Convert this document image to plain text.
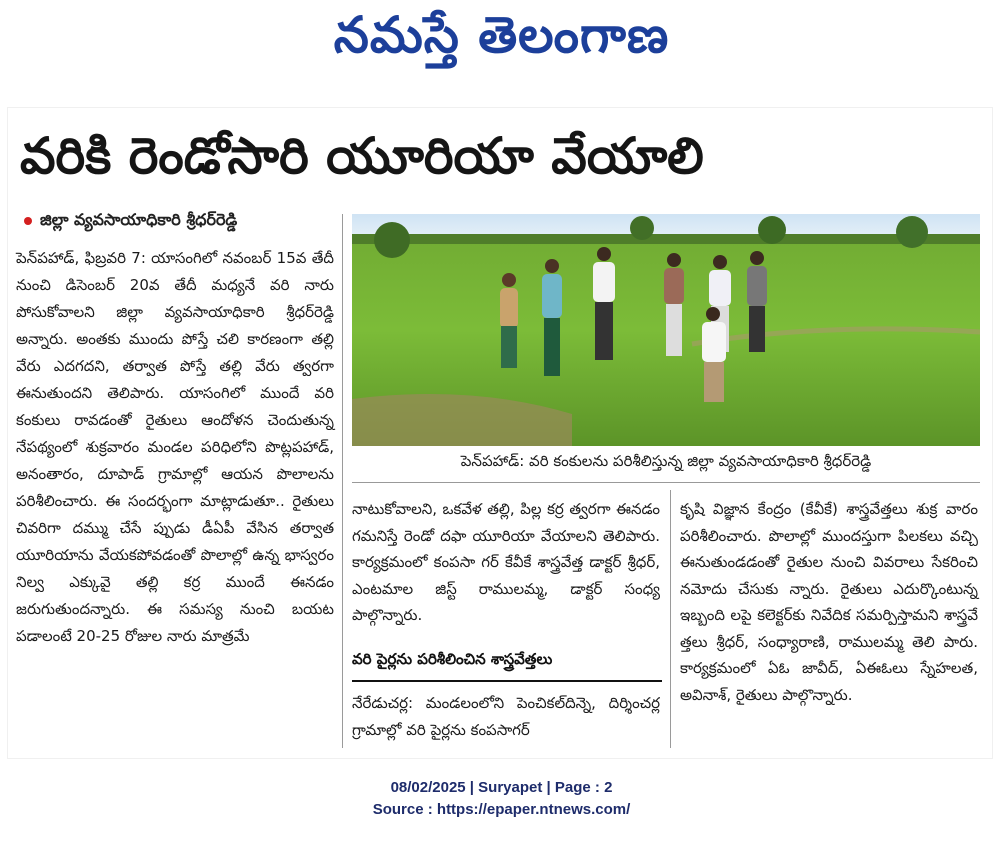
నమస్తే తెలంగాణ
వరికి రెండోసారి యూరియా వేయాలి
జిల్లా వ్యవసాయాధికారి శ్రీధర్‌రెడ్డి
పెన్‌పహాడ్, ఫిబ్రవరి 7: యాసంగిలో నవంబర్ 15వ తేదీ నుంచి డిసెంబర్ 20వ తేదీ మధ్యనే వరి నారు పోసుకోవాలని జిల్లా వ్యవసాయాధికారి శ్రీధర్‌రెడ్డి అన్నారు. అంతకు ముందు పోస్తే చలి కారణంగా తల్లి వేరు ఎదగదని, తర్వాత పోస్తే తల్లి వేరు త్వరగా ఈనుతుందని తెలిపారు. యాసంగిలో ముందే వరి కంకులు రావడంతో రైతులు ఆందోళన చెందుతున్న నేపథ్యంలో శుక్రవారం మండల పరిధిలోని పొట్లపహాడ్, అనంతారం, దూపాడ్ గ్రామాల్లో ఆయన పొలాలను పరిశీలించారు. ఈ సందర్భంగా మాట్లాడుతూ.. రైతులు చివరిగా దమ్ము చేసే ప్పుడు డీఏపీ వేసిన తర్వాత యూరియాను వేయకపోవడంతో పొలాల్లో ఉన్న భాస్వరం నిల్వ ఎక్కువై తల్లి కర్ర ముందే ఈనడం జరుగుతుందన్నారు. ఈ సమస్య నుంచి బయట పడాలంటే 20-25 రోజుల నారు మాత్రమే
పెన్‌పహాడ్: వరి కంకులను పరిశీలిస్తున్న జిల్లా వ్యవసాయాధికారి శ్రీధర్‌రెడ్డి
నాటుకోవాలని, ఒకవేళ తల్లి, పిల్ల కర్ర త్వరగా ఈనడం గమనిస్తే రెండో దఫా యూరియా వేయాలని తెలిపారు. కార్యక్రమంలో కంపసా గర్ కేవీకే శాస్త్రవేత్త డాక్టర్ శ్రీధర్, ఎంటమాల జిస్ట్ రాములమ్మ, డాక్టర్ సంధ్య పాల్గొన్నారు.
వరి పైర్లను పరిశీలించిన శాస్త్రవేత్తలు
నేరేడుచర్ల: మండలంలోని పెంచికల్‌దిన్నె, దిర్శించర్ల గ్రామాల్లో వరి పైర్లను కంపసాగర్
కృషి విజ్ఞాన కేంద్రం (కేవీకే) శాస్త్రవేత్తలు శుక్ర వారం పరిశీలించారు. పొలాల్లో ముందస్తుగా పిలకలు వచ్చి ఈనుతుండడంతో రైతుల నుంచి వివరాలు సేకరించి నమోదు చేసుకు న్నారు. రైతులు ఎదుర్కొంటున్న ఇబ్బంది లపై కలెక్టర్‌కు నివేదిక సమర్పిస్తామని శాస్త్రవే త్తలు శ్రీధర్, సంధ్యారాణి, రాములమ్మ తెలి పారు. కార్యక్రమంలో ఏఓ జావీద్, ఏఈఓలు స్నేహలత, అవినాశ్, రైతులు పాల్గొన్నారు.
08/02/2025 | Suryapet | Page : 2
Source : https://epaper.ntnews.com/
